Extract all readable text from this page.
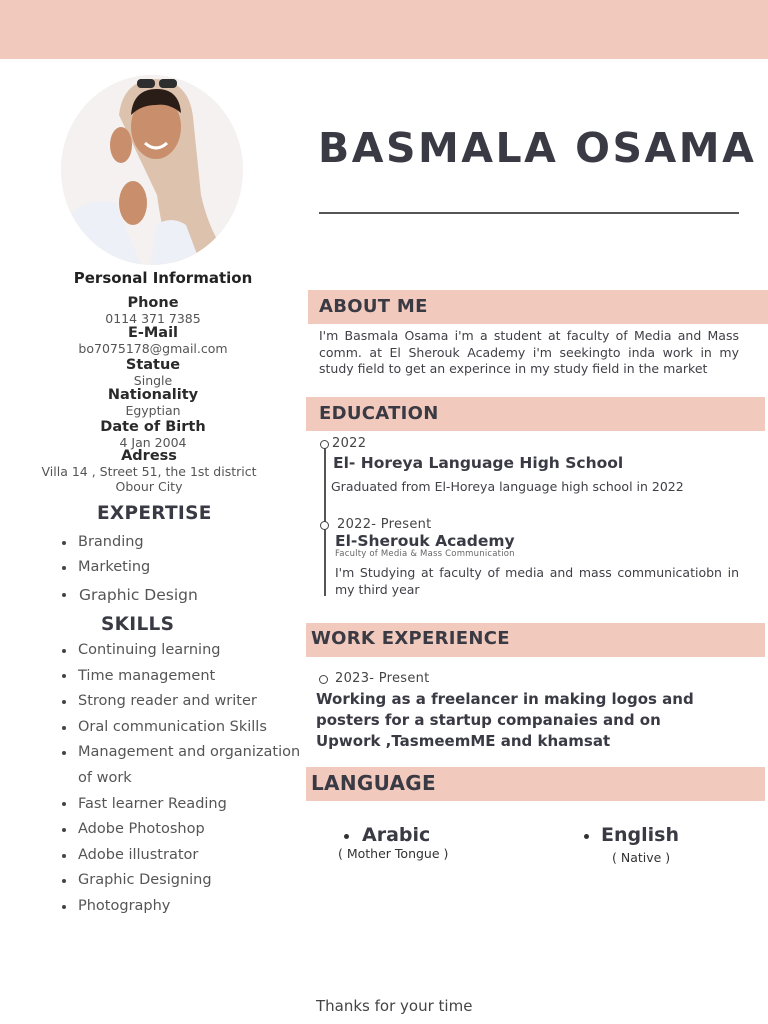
Personal Information
Phone
0114 371 7385
E-Mail
bo7075178@gmail.com
Statue
Single
Nationality
Egyptian
Date of Birth
4 Jan 2004
Adress
Villa 14 , Street 51, the 1st district
Obour City
EXPERTISE
Branding
Marketing
Graphic Design
SKILLS
Continuing learning
Time management
Strong reader and writer
Oral communication Skills
Management and organization
of work
Fast learner Reading
Adobe Photoshop
Adobe illustrator
Graphic Designing
Photography
BASMALA OSAMA
ABOUT ME
I'm Basmala Osama i'm a student at faculty of Media and Mass comm. at El Sherouk Academy i'm seekingto inda work in my study field to get an experince in my study field in the market
EDUCATION
2022
El- Horeya Language High School
Graduated from El-Horeya language high school in 2022
2022- Present
El-Sherouk Academy
Faculty of Media & Mass Communication
I'm Studying at faculty of media and mass communicatiobn in my third year
WORK EXPERIENCE
2023- Present
Working as a freelancer in making logos and posters for a startup companaies and on Upwork ,TasmeemME and khamsat
LANGUAGE
Arabic
( Mother Tongue )
English
( Native )
Thanks for your time
